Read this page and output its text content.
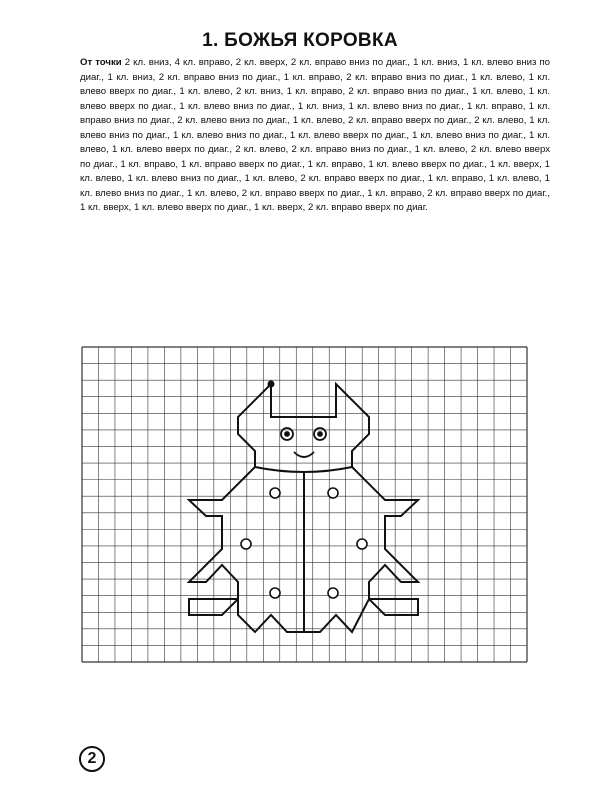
1. БОЖЬЯ КОРОВКА

От точки 2 кл. вниз, 4 кл. вправо, 2 кл. вверх, 2 кл. вправо вниз по диаг., 1 кл. вниз, 1 кл. влево вниз по диаг., 1 кл. вниз, 2 кл. вправо вниз по диаг., 1 кл. вправо, 2 кл. вправо вниз по диаг., 1 кл. влево, 1 кл. влево вверх по диаг., 1 кл. влево, 2 кл. вниз, 1 кл. вправо, 2 кл. вправо вниз по диаг., 1 кл. влево, 1 кл. влево вверх по диаг., 1 кл. влево вниз по диаг., 1 кл. вниз, 1 кл. влево вниз по диаг., 1 кл. вправо, 1 кл. вправо вниз по диаг., 2 кл. влево вниз по диаг., 1 кл. влево, 2 кл. вправо вверх по диаг., 2 кл. влево, 1 кл. влево вниз по диаг., 1 кл. влево вниз по диаг., 1 кл. влево вверх по диаг., 1 кл. влево вниз по диаг., 1 кл. влево, 1 кл. влево вверх по диаг., 2 кл. влево, 2 кл. вправо вниз по диаг., 1 кл. влево, 2 кл. влево вверх по диаг., 1 кл. вправо, 1 кл. вправо вверх по диаг., 1 кл. вправо, 1 кл. влево вверх по диаг., 1 кл. вверх, 1 кл. влево, 1 кл. влево вниз по диаг., 1 кл. влево, 2 кл. вправо вверх по диаг., 1 кл. вправо, 1 кл. влево, 1 кл. влево вниз по диаг., 1 кл. влево, 2 кл. вправо вверх по диаг., 1 кл. вправо, 2 кл. вправо вверх по диаг., 1 кл. вверх, 1 кл. влево вверх по диаг., 1 кл. вверх, 2 кл. вправо вверх по диаг.

2
